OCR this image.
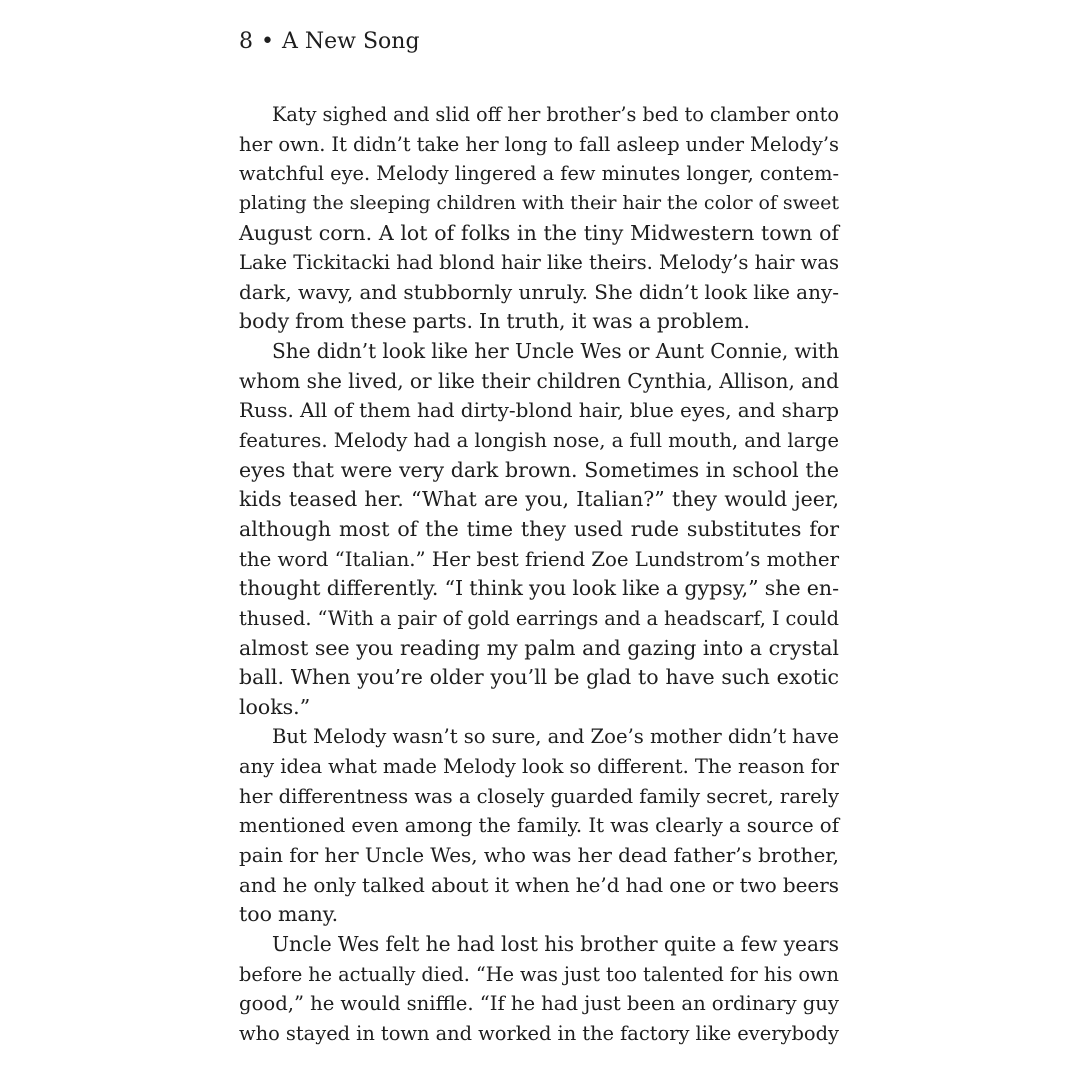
8 • A New Song

Katy sighed and slid off her brother’s bed to clamber onto
her own. It didn’t take her long to fall asleep under Melody’s
watchful eye. Melody lingered a few minutes longer, contem-
plating the sleeping children with their hair the color of sweet
August corn. A lot of folks in the tiny Midwestern town of
Lake Tickitacki had blond hair like theirs. Melody’s hair was
dark, wavy, and stubbornly unruly. She didn’t look like any-
body from these parts. In truth, it was a problem.

She didn’t look like her Uncle Wes or Aunt Connie, with
whom she lived, or like their children Cynthia, Allison, and
Russ. All of them had dirty-blond hair, blue eyes, and sharp
features. Melody had a longish nose, a full mouth, and large
eyes that were very dark brown. Sometimes in school the
kids teased her. “What are you, Italian?” they would jeer,
although most of the time they used rude substitutes for
the word “Italian.” Her best friend Zoe Lundstrom’s mother
thought differently. “I think you look like a gypsy,” she en-
thused. “With a pair of gold earrings and a headscarf, I could
almost see you reading my palm and gazing into a crystal
ball. When you’re older you’ll be glad to have such exotic
looks.”

But Melody wasn’t so sure, and Zoe’s mother didn’t have
any idea what made Melody look so different. The reason for
her differentness was a closely guarded family secret, rarely
mentioned even among the family. It was clearly a source of
pain for her Uncle Wes, who was her dead father’s brother,
and he only talked about it when he’d had one or two beers
too many.

Uncle Wes felt he had lost his brother quite a few years
before he actually died. “He was just too talented for his own
good,” he would sniffle. “If he had just been an ordinary guy
who stayed in town and worked in the factory like everybody
